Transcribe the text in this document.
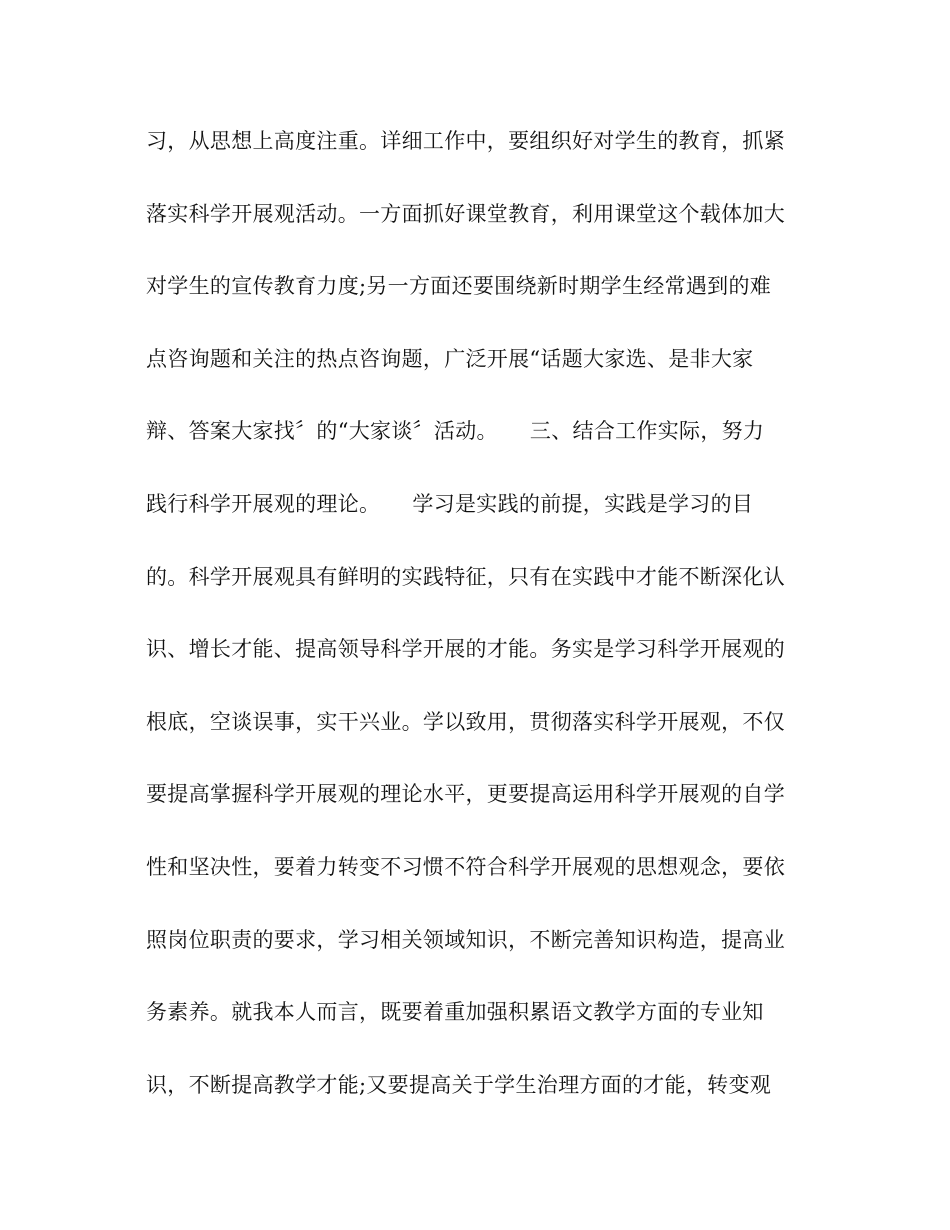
习，从思想上高度注重。详细工作中，要组织好对学生的教育，抓紧
落实科学开展观活动。一方面抓好课堂教育，利用课堂这个载体加大
对学生的宣传教育力度;另一方面还要围绕新时期学生经常遇到的难
点咨询题和关注的热点咨询题，广泛开展“话题大家选、是非大家
辩、答案大家找〞的“大家谈〞活动。　　三、结合工作实际，努力
践行科学开展观的理论。　　学习是实践的前提，实践是学习的目
的。科学开展观具有鲜明的实践特征，只有在实践中才能不断深化认
识、增长才能、提高领导科学开展的才能。务实是学习科学开展观的
根底，空谈误事，实干兴业。学以致用，贯彻落实科学开展观，不仅
要提高掌握科学开展观的理论水平，更要提高运用科学开展观的自学
性和坚决性，要着力转变不习惯不符合科学开展观的思想观念，要依
照岗位职责的要求，学习相关领域知识，不断完善知识构造，提高业
务素养。就我本人而言，既要着重加强积累语文教学方面的专业知
识，不断提高教学才能;又要提高关于学生治理方面的才能，转变观
